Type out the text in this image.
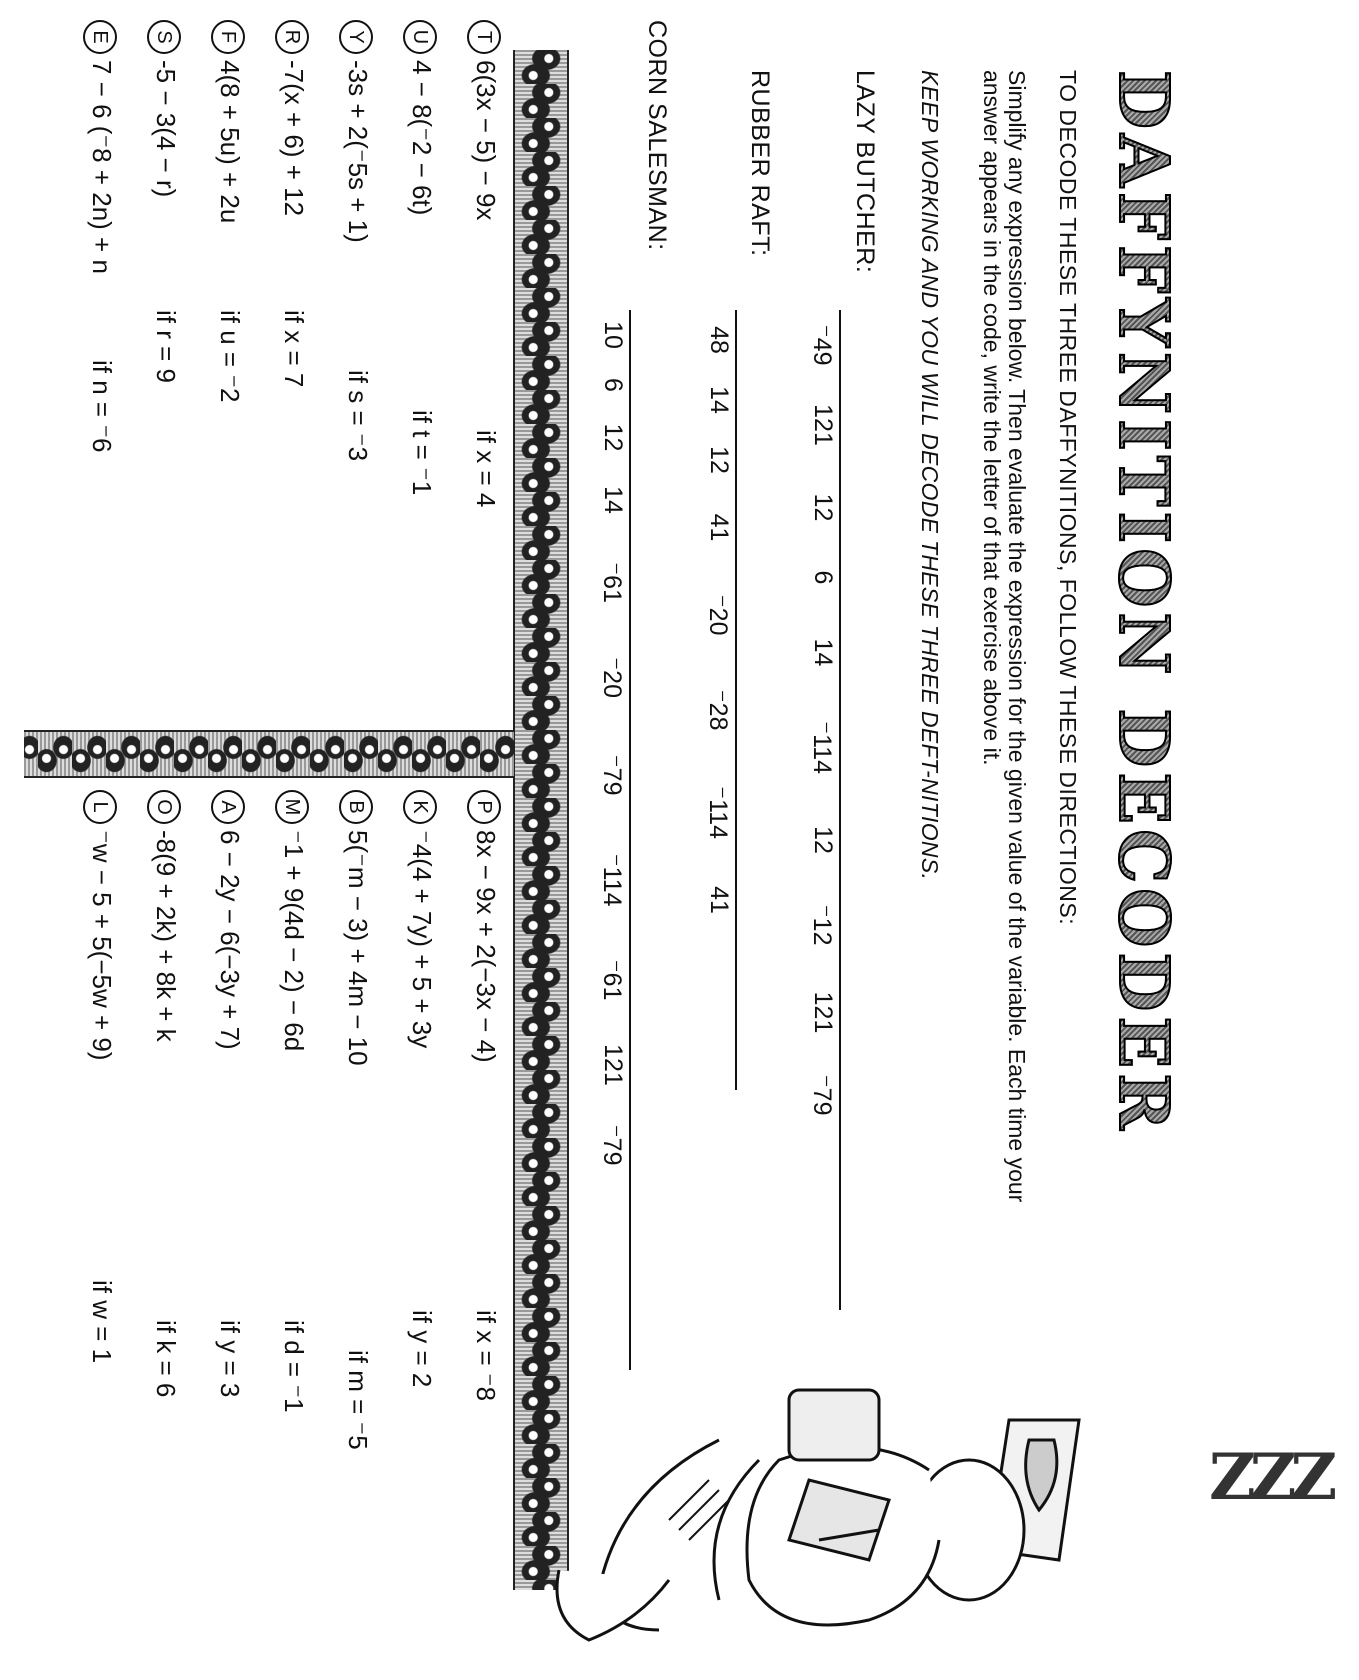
DAFFYNITION DECODER
TO DECODE THESE THREE DAFFYNITIONS, FOLLOW THESE DIRECTIONS:
Simplify any expression below. Then evaluate the expression for the given value of the variable. Each time your answer appears in the code, write the letter of that exercise above it.
KEEP WORKING AND YOU WILL DECODE THESE THREE DEFT-NITIONS.
LAZY BUTCHER:
⁻49
121
12
6
14
⁻114
12
⁻12
121
⁻79
RUBBER RAFT:
48
14
12
41
⁻20
⁻28
⁻114
41
CORN SALESMAN:
10
6
12
14
⁻61
⁻20
⁻79
⁻114
⁻61
121
⁻79
T6(3x − 5) − 9x
if x = 4
U4 − 8(⁻2 − 6t)
if t = ⁻1
Y-3s + 2(⁻5s + 1)
if s = ⁻3
R-7(x + 6) + 12
if x = 7
F4(8 + 5u) + 2u
if u = ⁻2
S-5 − 3(4 − r)
if r = 9
E7 − 6 (⁻8 + 2n) + n
if n = ⁻6
P8x − 9x + 2(−3x − 4)
if x = ⁻8
K⁻4(4 + 7y) + 5 + 3y
if y = 2
B5(⁻m − 3) + 4m − 10
if m = ⁻5
M⁻1 + 9(4d − 2) − 6d
if d = ⁻1
A6 − 2y − 6(−3y + 7)
if y = 3
O-8(9 + 2k) + 8k + k
if k = 6
L⁻w − 5 + 5(−5w + 9)
if w = 1
ZZZ
